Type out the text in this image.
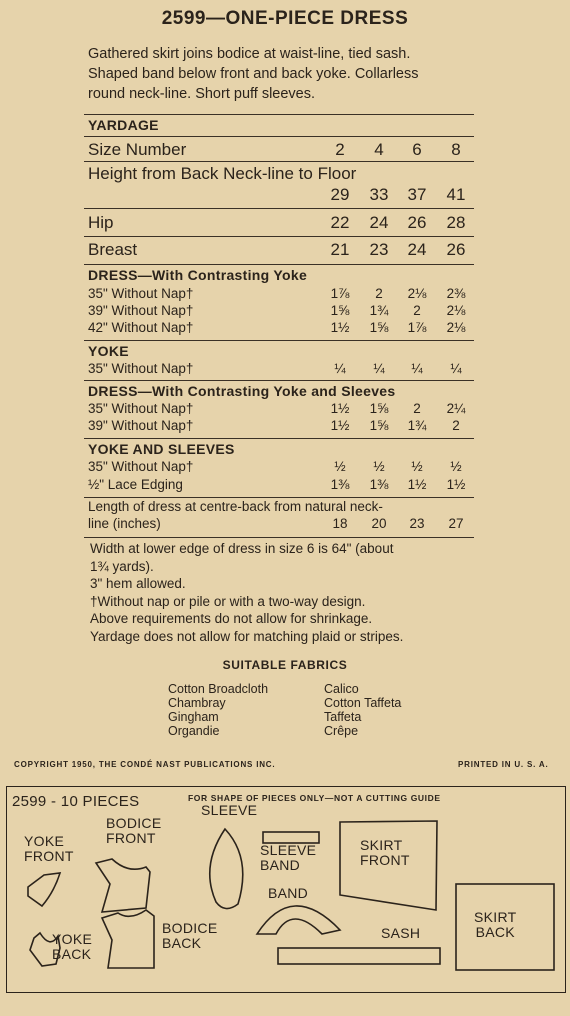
2599—ONE-PIECE DRESS
Gathered skirt joins bodice at waist-line, tied sash.
Shaped band below front and back yoke. Collarless
round neck-line. Short puff sleeves.
YARDAGE
Size Number	2	4	6	8
Height from Back Neck-line to Floor
29	33	37	41
Hip	22	24	26	28
Breast	21	23	24	26
DRESS—With Contrasting Yoke
35" Without Nap†	1⅞	2	2⅛	2⅜
39" Without Nap†	1⅝	1¾	2	2⅛
42" Without Nap†	1½	1⅝	1⅞	2⅛
YOKE
35" Without Nap†	¼	¼	¼	¼
DRESS—With Contrasting Yoke and Sleeves
35" Without Nap†	1½	1⅝	2	2¼
39" Without Nap†	1½	1⅝	1¾	2
YOKE AND SLEEVES
35" Without Nap†	½	½	½	½
½" Lace Edging	1⅜	1⅜	1½	1½
Length of dress at centre-back from natural neck-
line (inches)	18	20	23	27
Width at lower edge of dress in size 6 is 64" (about
1¾ yards).
3" hem allowed.
†Without nap or pile or with a two-way design.
Above requirements do not allow for shrinkage.
Yardage does not allow for matching plaid or stripes.
SUITABLE FABRICS
Cotton Broadcloth
Chambray
Gingham
Organdie
Calico
Cotton Taffeta
Taffeta
Crêpe
COPYRIGHT 1950, THE CONDÉ NAST PUBLICATIONS INC.	PRINTED IN U. S. A.
2599 - 10 PIECES	FOR SHAPE OF PIECES ONLY—NOT A CUTTING GUIDE
YOKE
FRONT
BODICE
FRONT
SLEEVE
SLEEVE
BAND
SKIRT
FRONT
BAND
SASH
SKIRT
BACK
YOKE
BACK
BODICE
BACK
